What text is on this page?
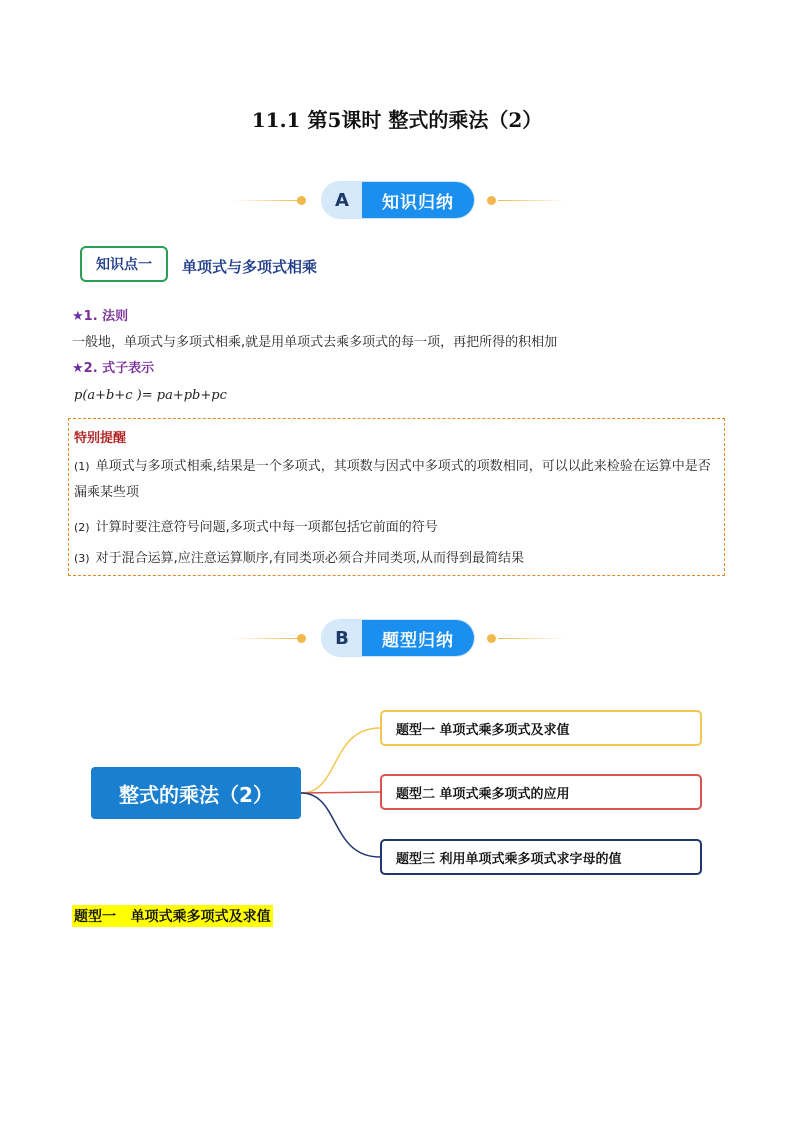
11.1 第5课时 整式的乘法（2）
A	知识归纳
知识点一	单项式与多项式相乘
★1. 法则
一般地，单项式与多项式相乘,就是用单项式去乘多项式的每一项，再把所得的积相加
★2. 式子表示
p(a+b+c )= pa+pb+pc
特别提醒
(1) 单项式与多项式相乘,结果是一个多项式，其项数与因式中多项式的项数相同，可以以此来检验在运算中是否漏乘某些项
(2) 计算时要注意符号问题,多项式中每一项都包括它前面的符号
(3) 对于混合运算,应注意运算顺序,有同类项必须合并同类项,从而得到最简结果
B	题型归纳
整式的乘法（2）
题型一 单项式乘多项式及求值
题型二 单项式乘多项式的应用
题型三 利用单项式乘多项式求字母的值
题型一   单项式乘多项式及求值
